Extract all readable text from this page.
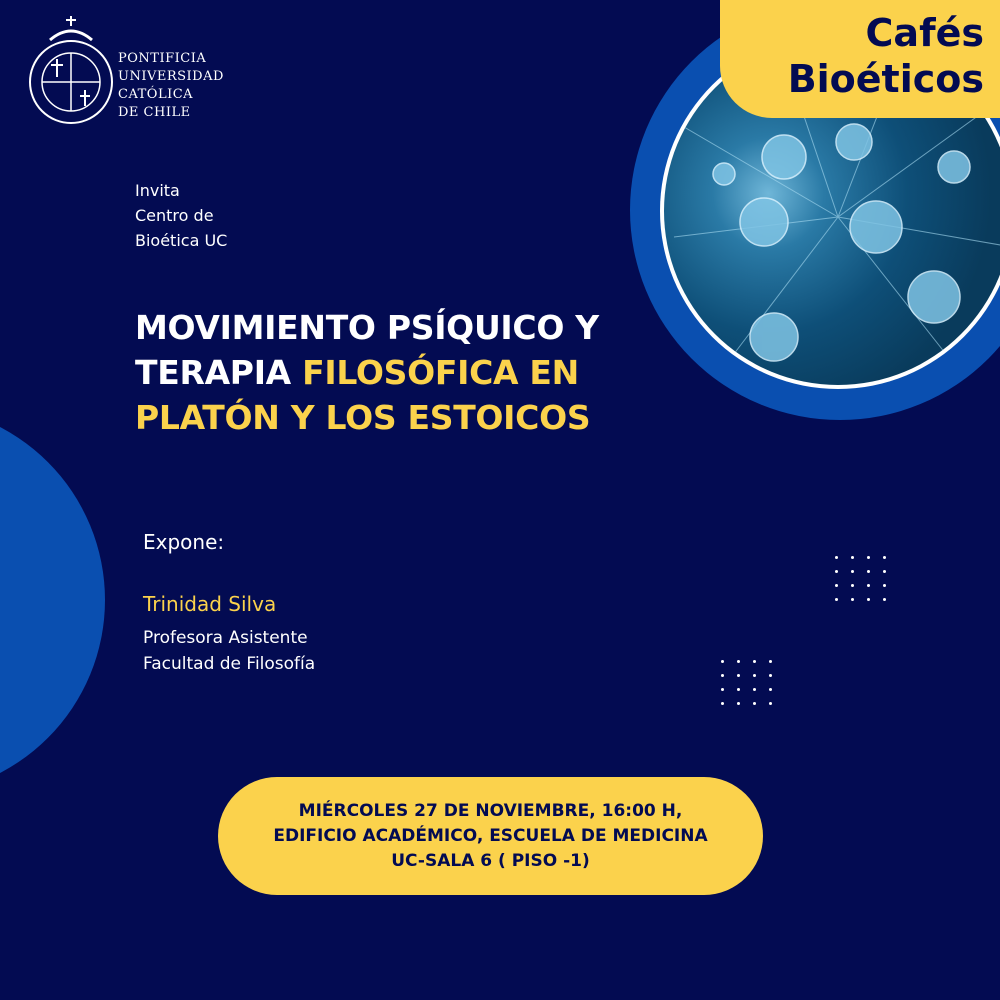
Cafés
Bioéticos
PONTIFICIA
UNIVERSIDAD
CATÓLICA
DE CHILE
Invita
Centro de
Bioética UC
MOVIMIENTO PSÍQUICO Y
TERAPIA FILOSÓFICA EN
PLATÓN Y LOS ESTOICOS
Expone:
Trinidad Silva
Profesora Asistente
Facultad de Filosofía
MIÉRCOLES 27 DE NOVIEMBRE, 16:00 H,
EDIFICIO ACADÉMICO, ESCUELA DE MEDICINA
UC-SALA 6 ( PISO -1)
